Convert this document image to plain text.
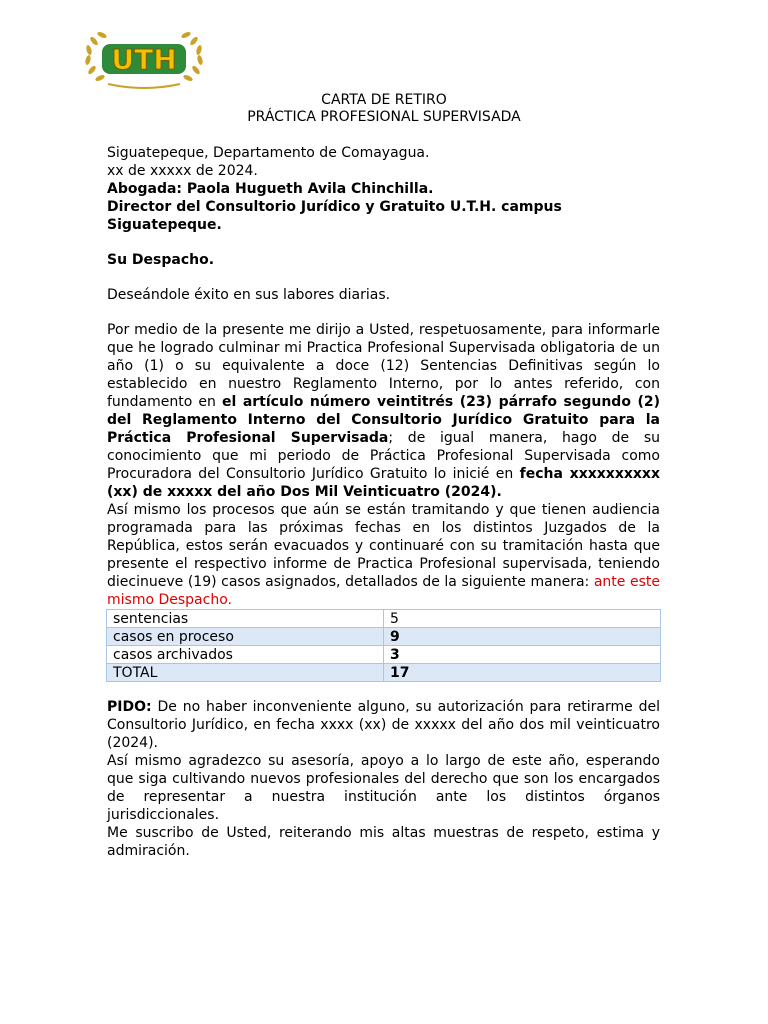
UTH
CARTA DE RETIRO
PRÁCTICA PROFESIONAL SUPERVISADA

Siguatepeque, Departamento de Comayagua.

xx de xxxxx de 2024.

Abogada: Paola Hugueth Avila Chinchilla.

Director del Consultorio Jurídico y Gratuito U.T.H. campus Siguatepeque.

Su Despacho.

Deseándole éxito en sus labores diarias.

Por medio de la presente me dirijo a Usted, respetuosamente, para informarle que he logrado culminar mi Practica Profesional Supervisada obligatoria de un año (1) o su equivalente a doce (12) Sentencias Definitivas según lo establecido en nuestro Reglamento Interno, por lo antes referido, con fundamento en el artículo número veintitrés (23) párrafo segundo (2) del Reglamento Interno del Consultorio Jurídico Gratuito para la Práctica Profesional Supervisada; de igual manera, hago de su conocimiento que mi periodo de Práctica Profesional Supervisada como Procuradora del Consultorio Jurídico Gratuito lo inicié en fecha xxxxxxxxxx (xx) de xxxxx del año Dos Mil Veinticuatro (2024).

Así mismo los procesos que aún se están tramitando y que tienen audiencia programada para las próximas fechas en los distintos Juzgados de la República, estos serán evacuados y continuaré con su tramitación hasta que presente el respectivo informe de Practica Profesional supervisada, teniendo diecinueve (19) casos asignados, detallados de la siguiente manera: ante este mismo Despacho.

sentencias	5
casos en proceso	9
casos archivados	3
TOTAL	17

PIDO: De no haber inconveniente alguno, su autorización para retirarme del Consultorio Jurídico, en fecha xxxx (xx) de xxxxx del año dos mil veinticuatro (2024).

Así mismo agradezco su asesoría, apoyo a lo largo de este año, esperando que siga cultivando nuevos profesionales del derecho que son los encargados de representar a nuestra institución ante los distintos órganos jurisdiccionales.

Me suscribo de Usted, reiterando mis altas muestras de respeto, estima y admiración.
